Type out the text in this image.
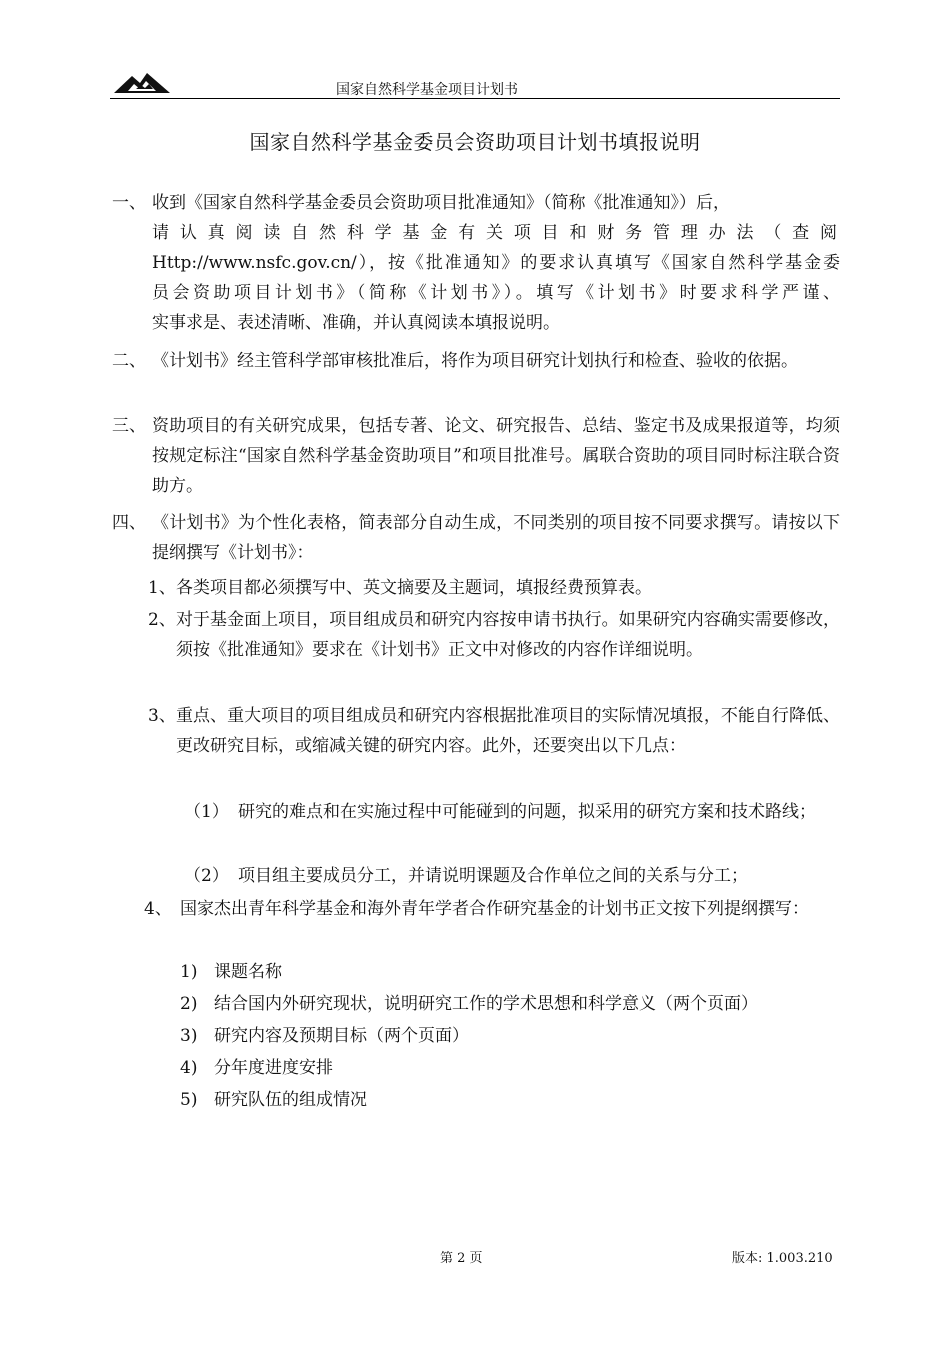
国家自然科学基金项目计划书
国家自然科学基金委员会资助项目计划书填报说明
一、 收到《国家自然科学基金委员会资助项目批准通知》（简称《批准通知》）后，
请认真阅读自然科学基金有关项目和财务管理办法（查阅
Http://www.nsfc.gov.cn/），按《批准通知》的要求认真填写《国家自然科学基金委
员会资助项目计划书》（简称《计划书》）。填写《计划书》时要求科学严谨、
实事求是、表述清晰、准确，并认真阅读本填报说明。
二、 《计划书》经主管科学部审核批准后，将作为项目研究计划执行和检查、验收的依据。
三、 资助项目的有关研究成果，包括专著、论文、研究报告、总结、鉴定书及成果报道等，均须按规定标注“国家自然科学基金资助项目”和项目批准号。属联合资助的项目同时标注联合资助方。
四、 《计划书》为个性化表格，简表部分自动生成，不同类别的项目按不同要求撰写。请按以下提纲撰写《计划书》：
1、 各类项目都必须撰写中、英文摘要及主题词，填报经费预算表。
2、 对于基金面上项目，项目组成员和研究内容按申请书执行。如果研究内容确实需要修改，须按《批准通知》要求在《计划书》正文中对修改的内容作详细说明。
3、 重点、重大项目的项目组成员和研究内容根据批准项目的实际情况填报，不能自行降低、更改研究目标，或缩减关键的研究内容。此外，还要突出以下几点：
（1） 研究的难点和在实施过程中可能碰到的问题，拟采用的研究方案和技术路线；
（2） 项目组主要成员分工，并请说明课题及合作单位之间的关系与分工；
4、 国家杰出青年科学基金和海外青年学者合作研究基金的计划书正文按下列提纲撰写：
1) 课题名称
2) 结合国内外研究现状，说明研究工作的学术思想和科学意义（两个页面）
3) 研究内容及预期目标（两个页面）
4) 分年度进度安排
5) 研究队伍的组成情况
第 2 页	版本: 1.003.210
